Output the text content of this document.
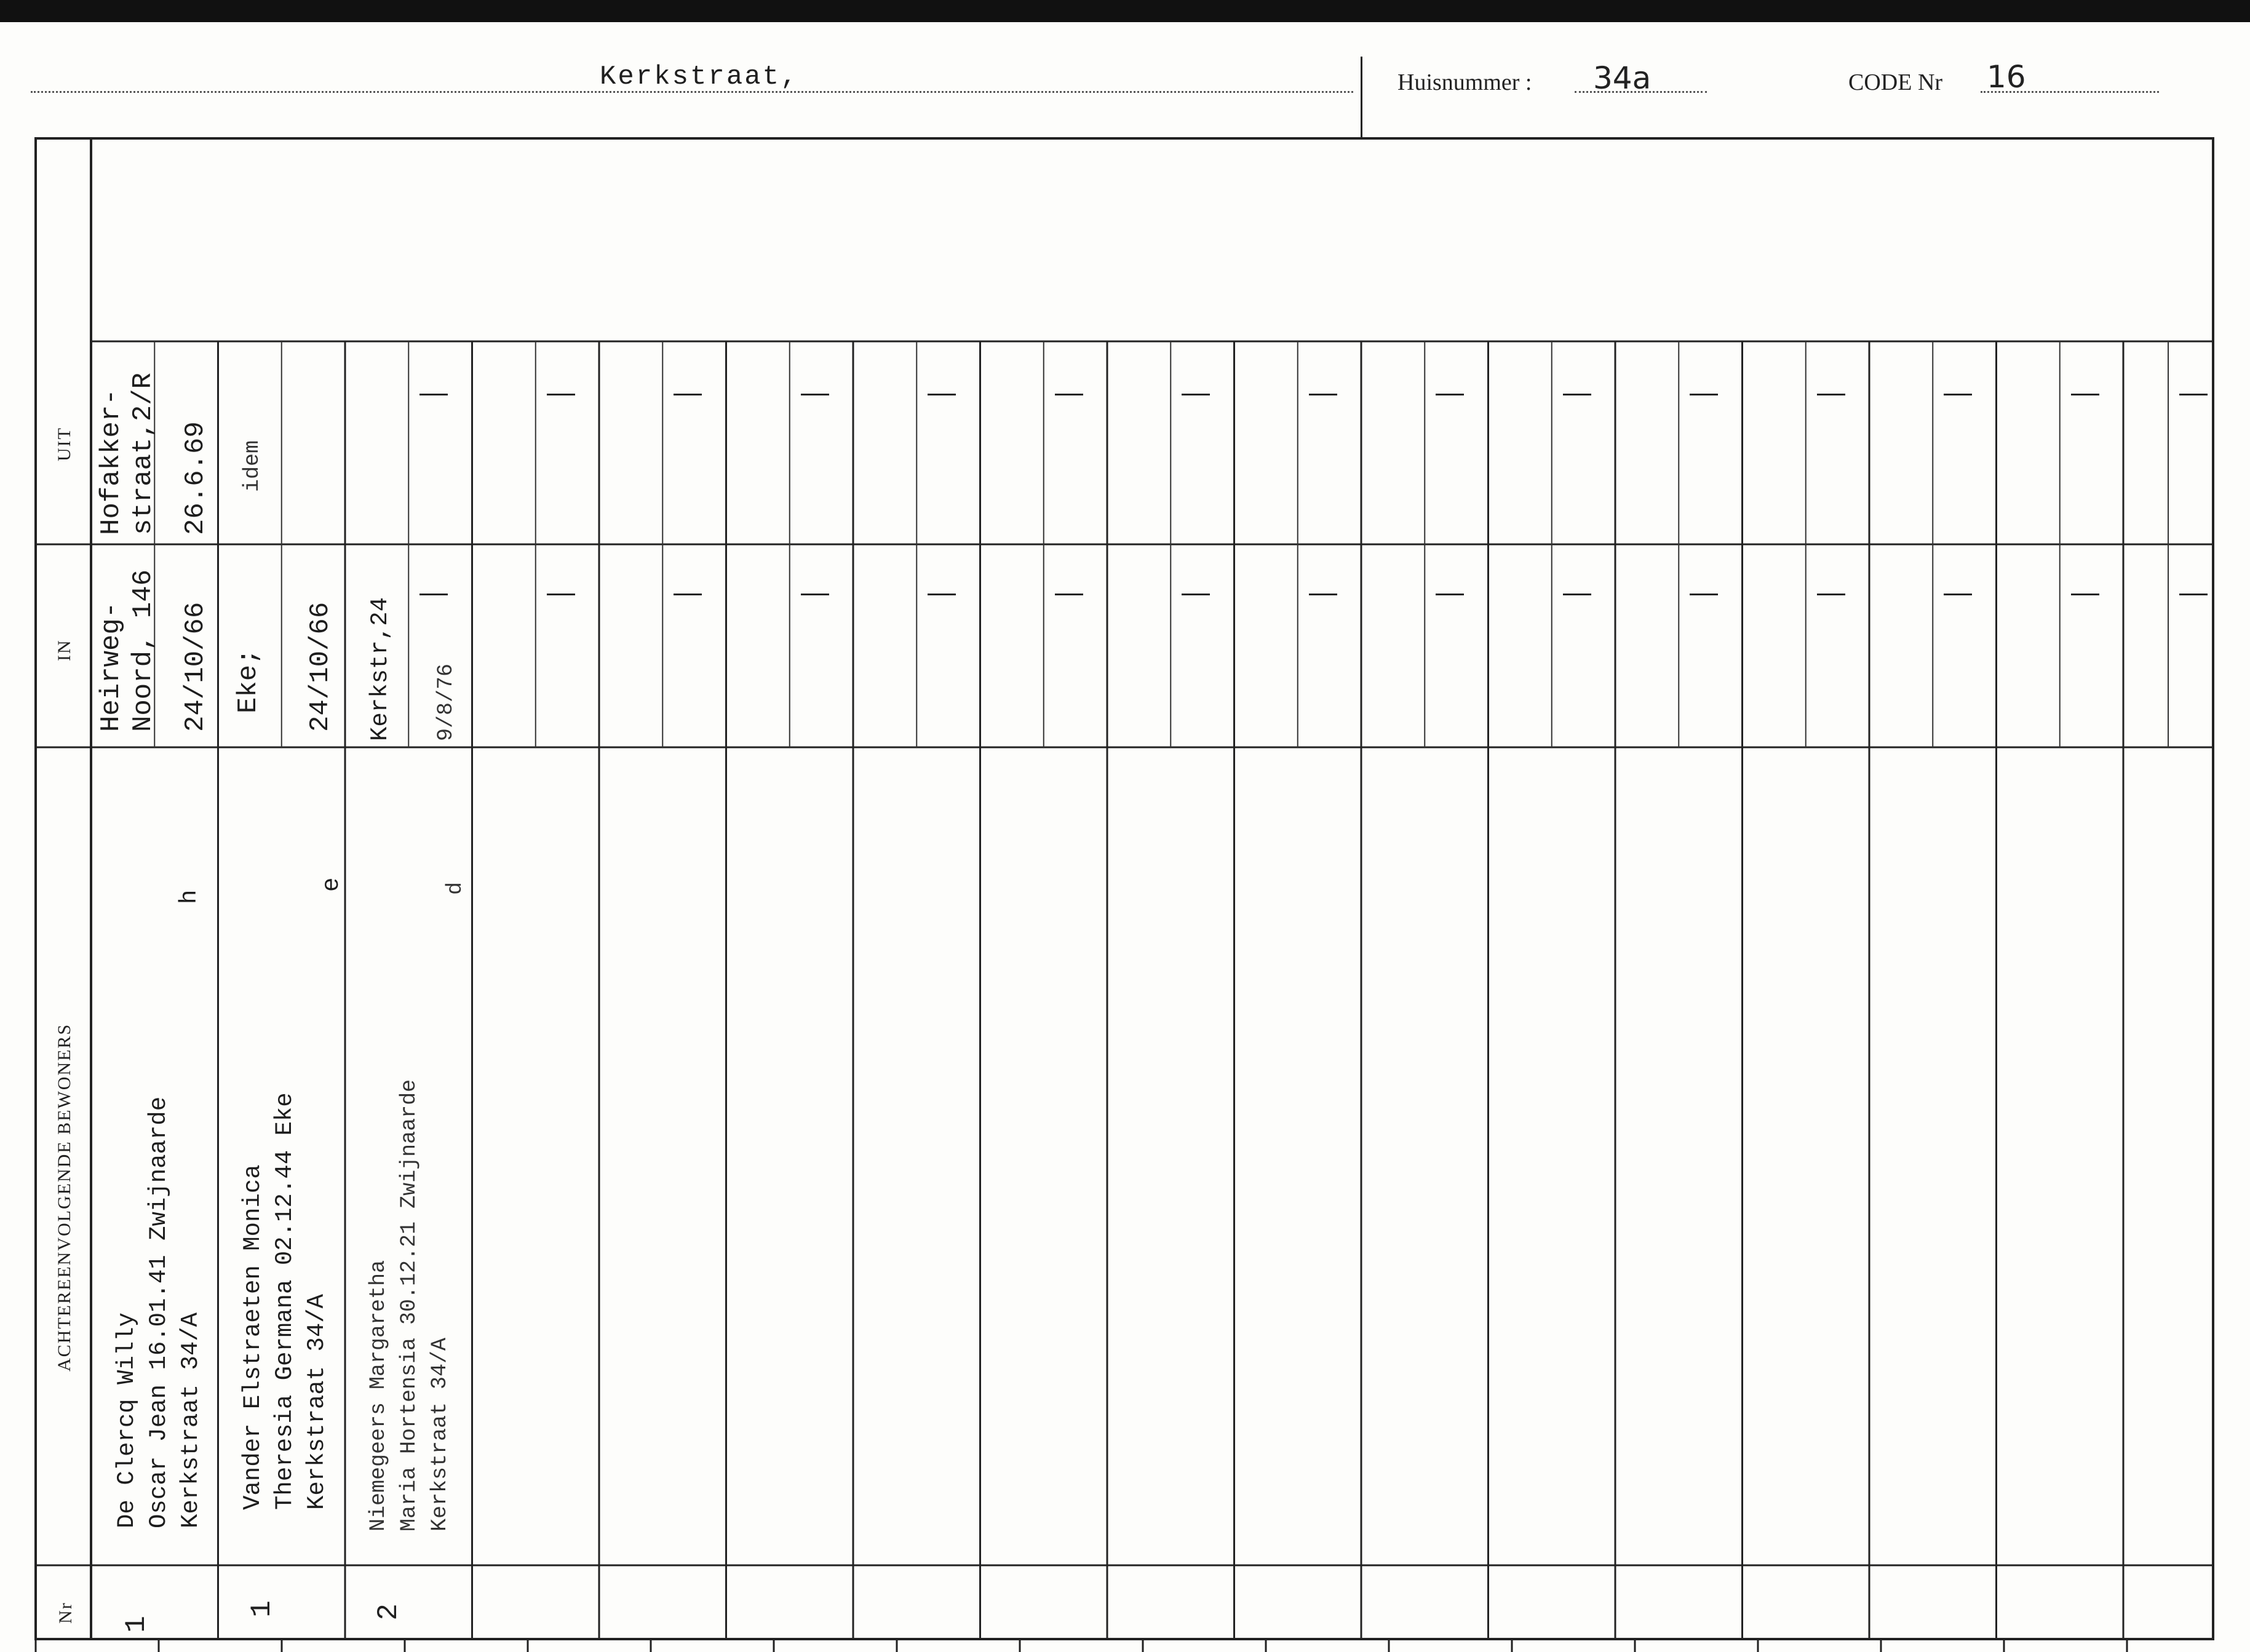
Kerkstraat,	Huisnummer : 34a	CODE Nr 16
Nr
ACHTEREENVOLGENDE BEWONERS
IN
UIT
1
De Clercq Willy Oscar Jean 16.01.41 Zwijnaarde Kerkstraat 34/A
h
Heirweg- Noord, 146 24/10/66
Hofakker- straat,2/R 26.6.69
1
Vander Elstraeten Monica Theresia Germana 02.12.44 Eke Kerkstraat 34/A
e
Eke; 24/10/66
idem
2
Niemegeers Margaretha Maria Hortensia 30.12.21 Zwijnaarde Kerkstraat 34/A
d
Kerkstr,24 9/8/76
